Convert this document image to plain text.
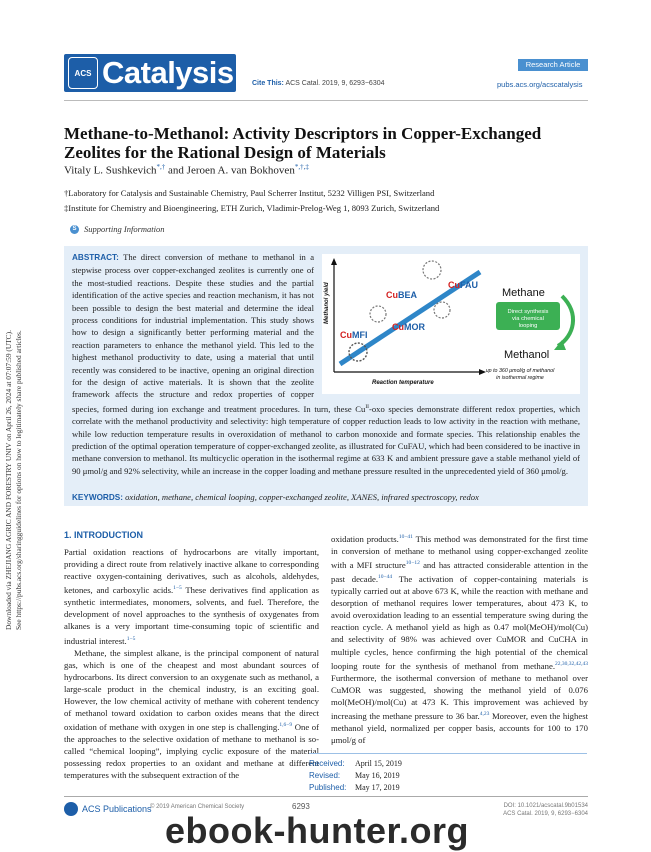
Downloaded via ZHEJIANG AGRIC AND FORESTRY UNIV on April 26, 2024 at 07:07:59 (UTC). See https://pubs.acs.org/sharingguidelines for options on how to legitimately share published articles.
ACS Catalysis	Cite This: ACS Catal. 2019, 9, 6293−6304
Research Article
pubs.acs.org/acscatalysis
Methane-to-Methanol: Activity Descriptors in Copper-Exchanged Zeolites for the Rational Design of Materials
Vitaly L. Sushkevich*,† and Jeroen A. van Bokhoven*,†,‡
†Laboratory for Catalysis and Sustainable Chemistry, Paul Scherrer Institut, 5232 Villigen PSI, Switzerland
‡Institute for Chemistry and Bioengineering, ETH Zurich, Vladimir-Prelog-Weg 1, 8093 Zurich, Switzerland
S Supporting Information
Methanol yield
Reaction temperature
CuMFI
CuBEA
CuMOR
CuFAU
Methane
Direct synthesis
via chemical
looping
Methanol
up to 360 μmol/g of methanol
in isothermal regime
ABSTRACT: The direct conversion of methane to methanol in a stepwise process over copper-exchanged zeolites is currently one of the most-studied reactions. Despite these studies and the partial identification of the active species and reaction mechanism, it has not been possible to design the best material and determine the ideal process conditions for industrial implementation. This study shows how to design a significantly better performing material and the reaction parameters to enhance the methanol yield. This led to the highest methanol productivity to date, using a material that until recently was considered to be inactive, opening an original direction for the design of active materials. It is shown that the zeolite framework affects the structure and redox properties of copper species, formed during ion exchange and treatment procedures. In turn, these $Cu^{II}$-oxo species demonstrate different redox properties, which correlate with the methanol productivity and selectivity: high temperature of copper reduction leads to low activity in the reaction with methane, while low reduction temperature results in overoxidation of methanol to carbon monoxide and formate species. This relationship enables the prediction of the optimal operation temperature of copper-exchanged zeolite, as illustrated for CuFAU, which had been considered to be inactive in methane conversion to methanol. Its multicyclic operation in the isothermal regime at 633 K and ambient pressure gave a stable methanol yield of 90 μmol/g and 92% selectivity, while an increase in the copper loading and methane pressure resulted in the unprecedented yield of 360 μmol/g.
KEYWORDS: oxidation, methane, chemical looping, copper-exchanged zeolite, XANES, infrared spectroscopy, redox
1. INTRODUCTION

Partial oxidation reactions of hydrocarbons are vitally important, providing a direct route from relatively inactive alkane to corresponding reactive oxygen-containing derivatives, such as alcohols, aldehydes, ketones, and carboxylic acids.$^{1-5}$ These derivatives find application as synthetic intermediates, monomers, solvents, and fuel. Therefore, the development of novel approaches to the synthesis of oxygenates from alkanes is a very important time-consuming topic of scientific and industrial interest.$^{1-5}$

Methane, the simplest alkane, is the principal component of natural gas, which is one of the cheapest and most abundant sources of hydrocarbons. Its direct conversion to an oxygenate such as methanol, a large-scale product in the chemical industry, is an exciting goal. However, the low chemical activity of methane with coherent tendency of methanol toward oxidation to carbon oxides means that the direct oxidation of methane with oxygen in one step is challenging.$^{1,6-9}$ One of the approaches to the selective oxidation of methane to methanol is so-called “chemical looping”, implying cyclic exposure of the material possessing redox properties to an oxidant and methane at different temperatures with the subsequent extraction of the

oxidation products.$^{10-41}$ This method was demonstrated for the first time in conversion of methane to methanol using copper-exchanged zeolite with a MFI structure$^{10-12}$ and has attracted considerable attention in the past decade.$^{10-44}$ The activation of copper-containing materials is typically carried out at above 673 K, while the reaction with methane and desorption of methanol requires lower temperatures, about 473 K, to avoid overoxidation leading to an essential temperature swing during the reaction cycle. A methanol yield as high as 0.47 mol(MeOH)/mol(Cu) and selectivity of 98% was achieved over CuMOR and CuCHA in multiple cycles, hence confirming the high potential of the chemical looping route for the synthesis of methanol from methane.$^{22,30,32,42,43}$ Furthermore, the isothermal conversion of methane to methanol over CuMOR was suggested, showing the methanol yield of 0.076 mol(MeOH)/mol(Cu) at 473 K. This improvement was achieved by increasing the methane pressure to 36 bar.$^{4,23}$ Moreover, even the highest methanol yield, normalized per copper basis, accounts for 100 to 170 μmol/g of

Received: April 15, 2019
Revised: May 16, 2019
Published: May 17, 2019
ACS Publications
© 2019 American Chemical Society	6293	DOI: 10.1021/acscatal.9b01534
ACS Catal. 2019, 9, 6293−6304
ebook-hunter.org
